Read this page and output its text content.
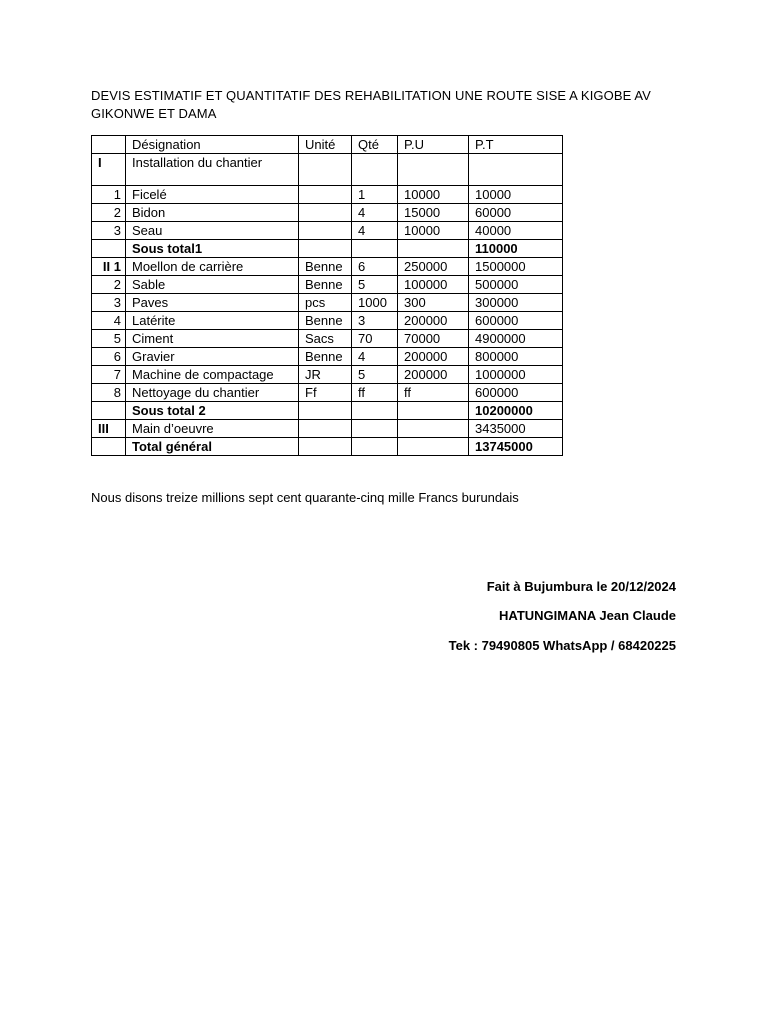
DEVIS ESTIMATIF ET QUANTITATIF DES REHABILITATION UNE ROUTE SISE A KIGOBE AV GIKONWE ET DAMA
	Désignation	Unité	Qté	P.U	P.T
I	Installation du chantier				
1	Ficelé		1	10000	10000
2	Bidon		4	15000	60000
3	Seau		4	10000	40000
	Sous total1				110000
II 1	Moellon de carrière	Benne	6	250000	1500000
2	Sable	Benne	5	100000	500000
3	Paves	pcs	1000	300	300000
4	Latérite	Benne	3	200000	600000
5	Ciment	Sacs	70	70000	4900000
6	Gravier	Benne	4	200000	800000
7	Machine de compactage	JR	5	200000	1000000
8	Nettoyage du chantier	Ff	ff	ff	600000
	Sous total 2				10200000
III	Main d’oeuvre				3435000
	Total général				13745000
Nous disons treize millions sept cent quarante-cinq mille Francs burundais
Fait à Bujumbura le 20/12/2024
HATUNGIMANA Jean Claude
Tek : 79490805 WhatsApp / 68420225
